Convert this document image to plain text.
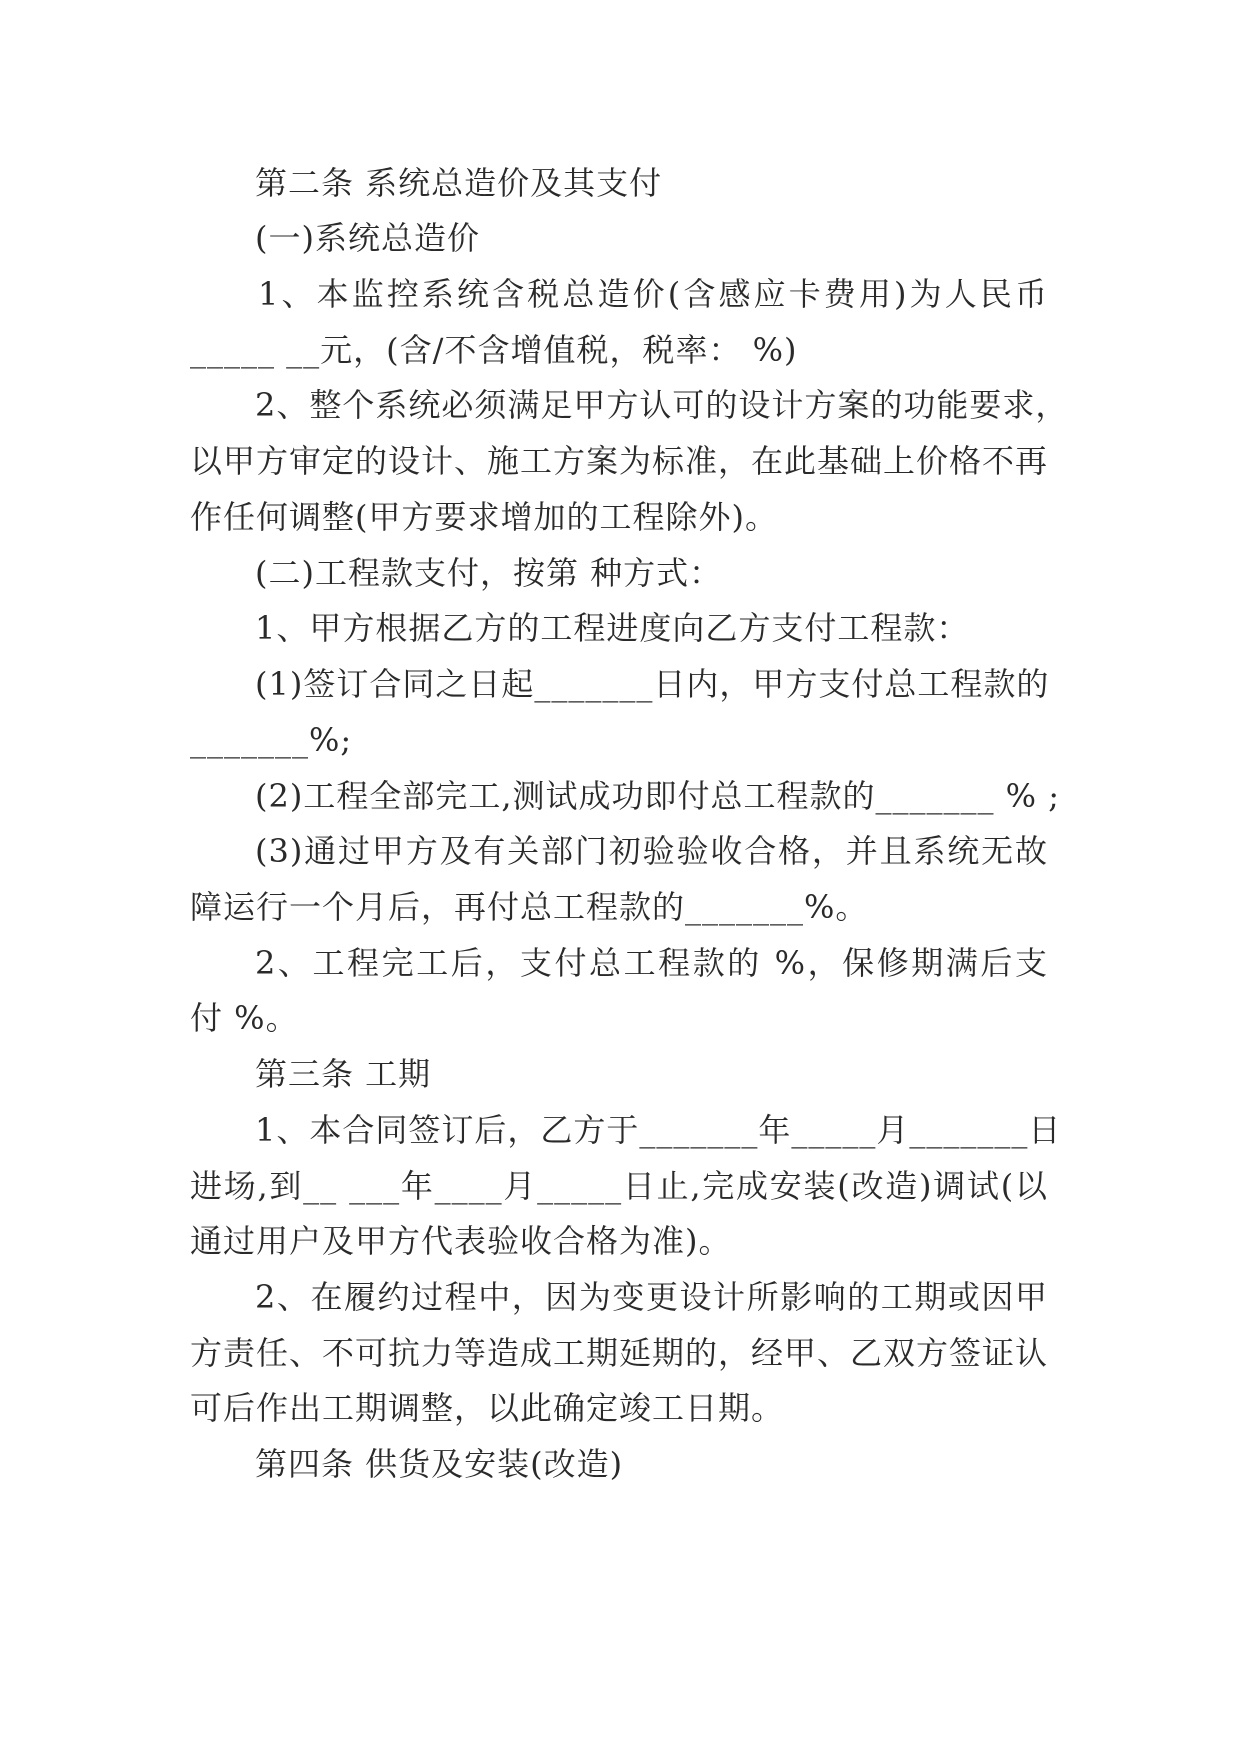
第二条 系统总造价及其支付
(一)系统总造价
1、本监控系统含税总造价(含感应卡费用)为人民币
_____ __元，(含/不含增值税，税率： %)
2、整个系统必须满足甲方认可的设计方案的功能要求，
以甲方审定的设计、施工方案为标准，在此基础上价格不再
作任何调整(甲方要求增加的工程除外)。
(二)工程款支付，按第 种方式：
1、甲方根据乙方的工程进度向乙方支付工程款：
(1)签订合同之日起_______日内，甲方支付总工程款的
_______%;
(2)工程全部完工,测试成功即付总工程款的_______ % ;
(3)通过甲方及有关部门初验验收合格，并且系统无故
障运行一个月后，再付总工程款的_______%。
2、工程完工后，支付总工程款的 %，保修期满后支
付 %。
第三条 工期
1、本合同签订后，乙方于_______年_____月_______日
进场,到__ ___年____月_____日止,完成安装(改造)调试(以
通过用户及甲方代表验收合格为准)。
2、在履约过程中，因为变更设计所影响的工期或因甲
方责任、不可抗力等造成工期延期的，经甲、乙双方签证认
可后作出工期调整，以此确定竣工日期。
第四条 供货及安装(改造)
